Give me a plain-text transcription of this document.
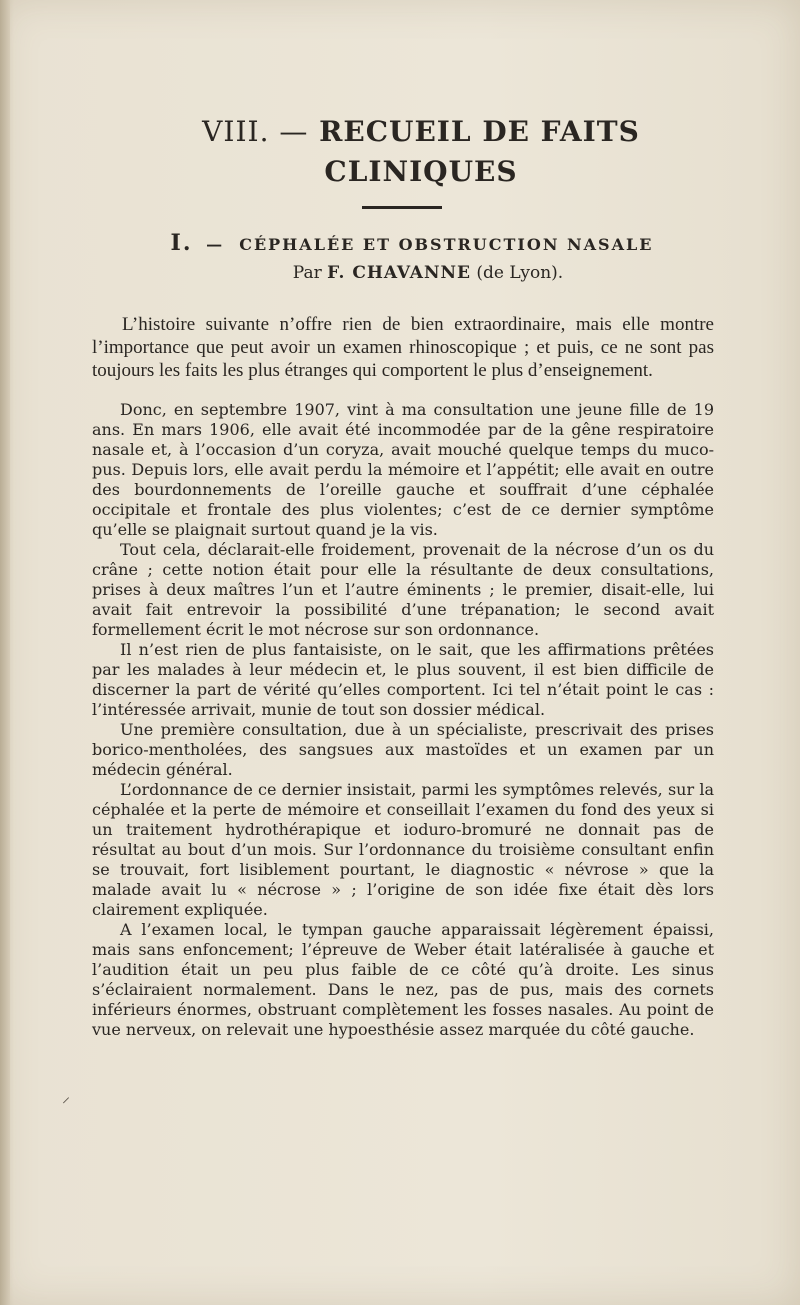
VIII. — RECUEIL DE FAITS CLINIQUES
I. — CÉPHALÉE ET OBSTRUCTION NASALE
Par F. CHAVANNE (de Lyon).

L’histoire suivante n’offre rien de bien extraordinaire, mais elle montre l’importance que peut avoir un examen rhinoscopique ; et puis, ce ne sont pas toujours les faits les plus étranges qui comportent le plus d’enseignement.

Donc, en septembre 1907, vint à ma consultation une jeune fille de 19 ans. En mars 1906, elle avait été incommodée par de la gêne respiratoire nasale et, à l’occasion d’un coryza, avait mouché quelque temps du muco-pus. Depuis lors, elle avait perdu la mémoire et l’appétit; elle avait en outre des bourdonnements de l’oreille gauche et souffrait d’une céphalée occipitale et frontale des plus violentes; c’est de ce dernier symptôme qu’elle se plaignait surtout quand je la vis.

Tout cela, déclarait-elle froidement, provenait de la nécrose d’un os du crâne ; cette notion était pour elle la résultante de deux consultations, prises à deux maîtres l’un et l’autre éminents ; le premier, disait-elle, lui avait fait entrevoir la possibilité d’une trépanation; le second avait formellement écrit le mot nécrose sur son ordonnance.

Il n’est rien de plus fantaisiste, on le sait, que les affirmations prêtées par les malades à leur médecin et, le plus souvent, il est bien difficile de discerner la part de vérité qu’elles comportent. Ici tel n’était point le cas : l’intéressée arrivait, munie de tout son dossier médical.

Une première consultation, due à un spécialiste, prescrivait des prises borico-mentholées, des sangsues aux mastoïdes et un examen par un médecin général.

L’ordonnance de ce dernier insistait, parmi les symptômes relevés, sur la céphalée et la perte de mémoire et conseillait l’examen du fond des yeux si un traitement hydrothérapique et ioduro-bromuré ne donnait pas de résultat au bout d’un mois. Sur l’ordonnance du troisième consultant enfin se trouvait, fort lisiblement pourtant, le diagnostic « névrose » que la malade avait lu « nécrose » ; l’origine de son idée fixe était dès lors clairement expliquée.

A l’examen local, le tympan gauche apparaissait légèrement épaissi, mais sans enfoncement; l’épreuve de Weber était latéralisée à gauche et l’audition était un peu plus faible de ce côté qu’à droite. Les sinus s’éclairaient normalement. Dans le nez, pas de pus, mais des cornets inférieurs énormes, obstruant complètement les fosses nasales. Au point de vue nerveux, on relevait une hypoesthésie assez marquée du côté gauche.

⸝
